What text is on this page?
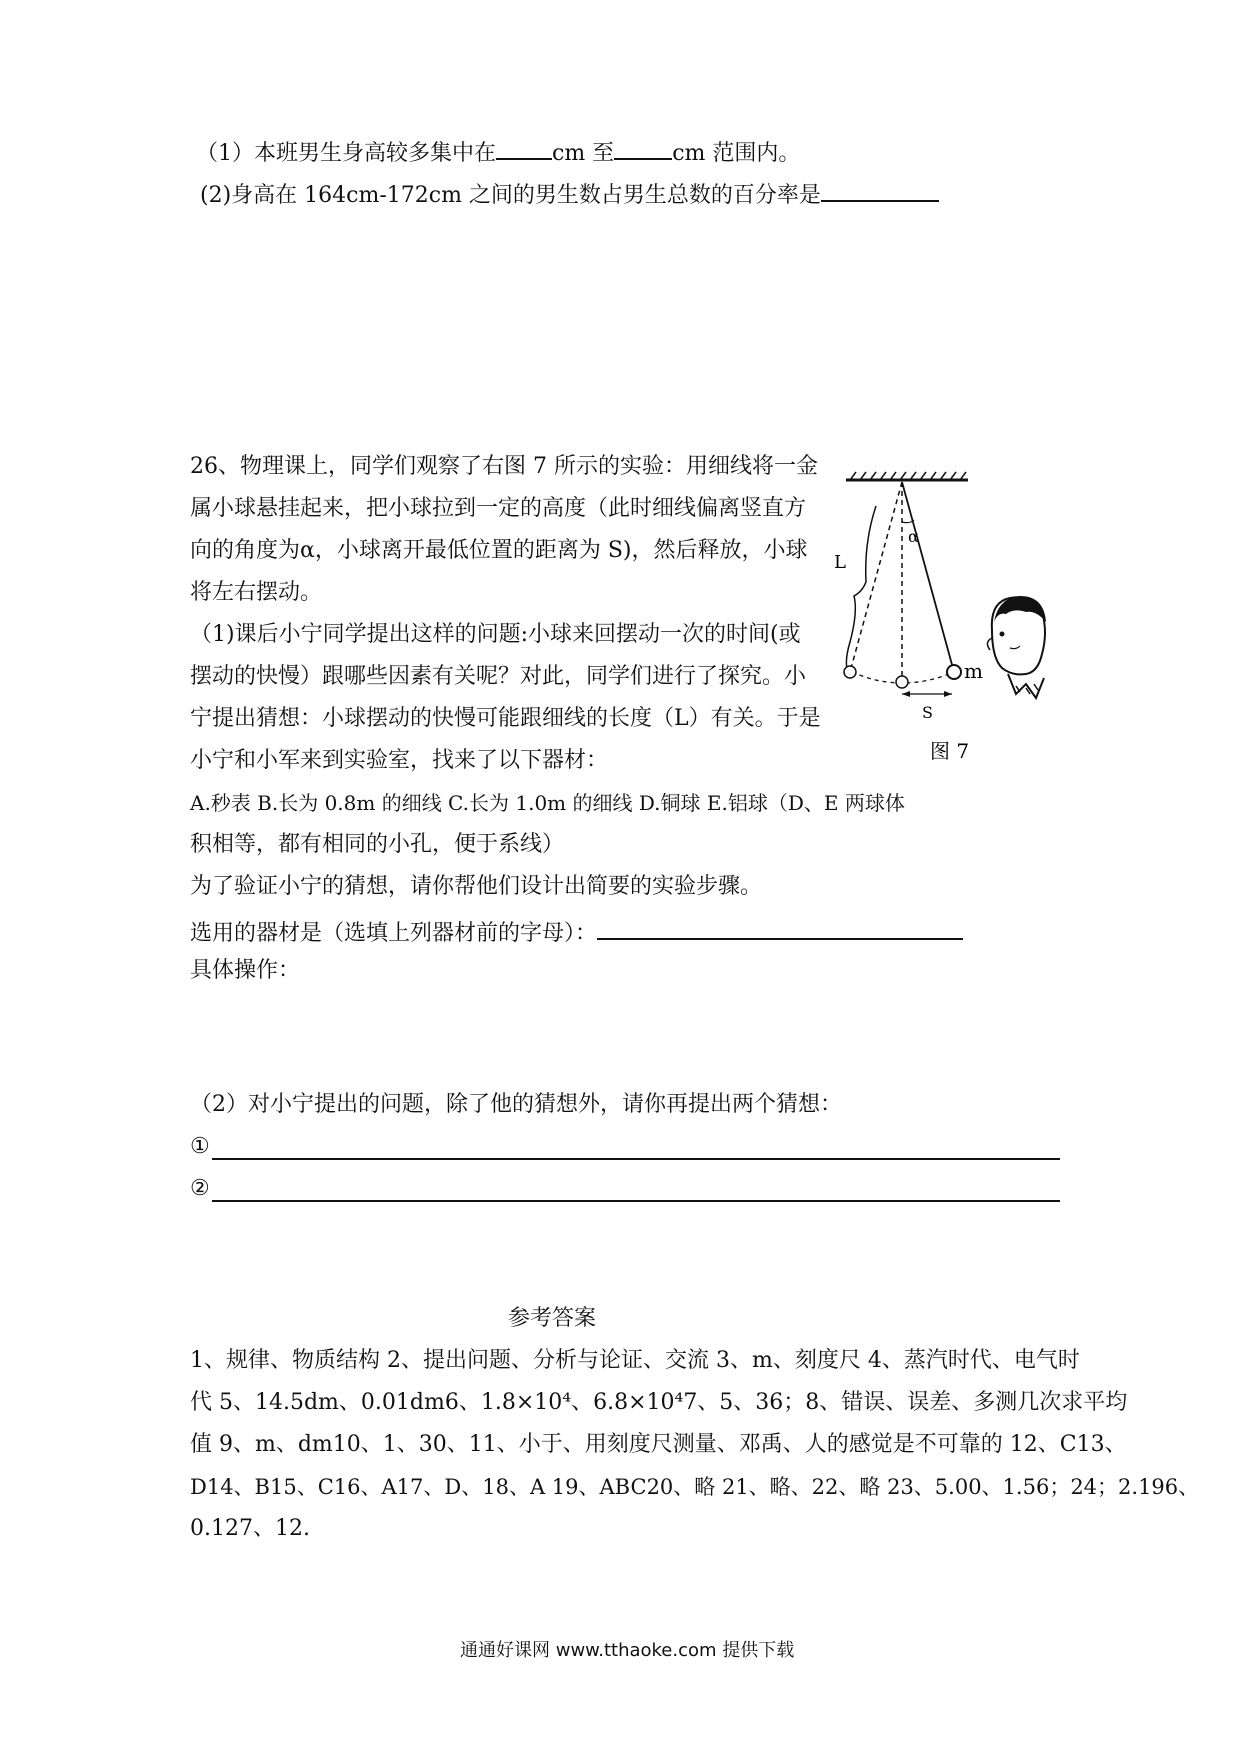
（1）本班男生身高较多集中在	cm 至	cm 范围内。
(2)身高在 164cm-172cm 之间的男生数占男生总数的百分率是
26、物理课上，同学们观察了右图 7 所示的实验：用细线将一金
属小球悬挂起来，把小球拉到一定的高度（此时细线偏离竖直方
向的角度为α，小球离开最低位置的距离为 S)，然后释放，小球
将左右摆动。
（1)课后小宁同学提出这样的问题:小球来回摆动一次的时间(或
摆动的快慢）跟哪些因素有关呢？对此，同学们进行了探究。小
宁提出猜想：小球摆动的快慢可能跟细线的长度（L）有关。于是
小宁和小军来到实验室，找来了以下器材：
A.秒表 B.长为 0.8m 的细线 C.长为 1.0m 的细线 D.铜球 E.铝球（D、E 两球体
积相等，都有相同的小孔，便于系线）
为了验证小宁的猜想，请你帮他们设计出简要的实验步骤。
选用的器材是（选填上列器材前的字母）：
具体操作：
（2）对小宁提出的问题，除了他的猜想外，请你再提出两个猜想：
①
②
α
L
m
S
图 7
参考答案
1、规律、物质结构 2、提出问题、分析与论证、交流 3、m、刻度尺 4、蒸汽时代、电气时
代 5、14.5dm、0.01dm6、1.8×10⁴、6.8×10⁴7、5、36；8、错误、误差、多测几次求平均
值 9、m、dm10、1、30、11、小于、用刻度尺测量、邓禹、人的感觉是不可靠的 12、C13、
D14、B15、C16、A17、D、18、A 19、ABC20、略 21、略、22、略 23、5.00、1.56；24；2.196、
0.127、12.
通通好课网 www.tthaoke.com 提供下载
